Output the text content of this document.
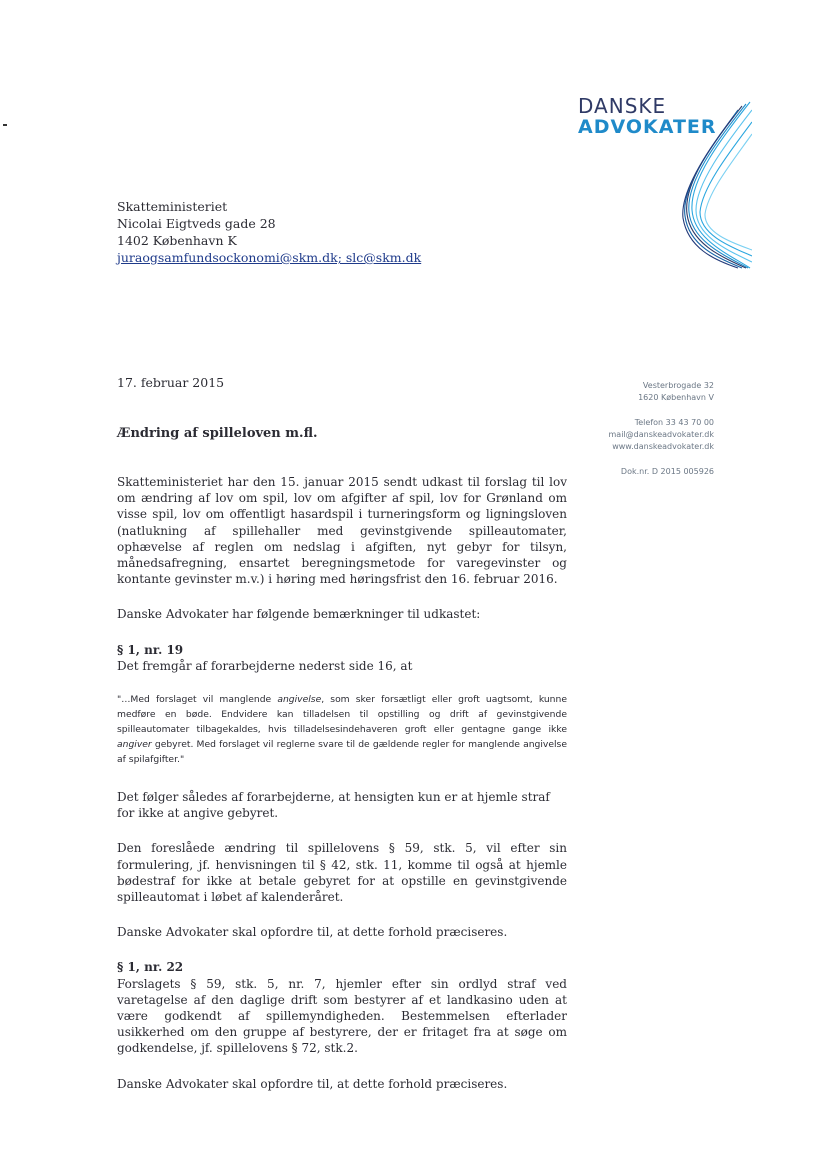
DANSKE
ADVOKATER
Skatteministeriet
Nicolai Eigtveds gade 28
1402 København K
juraogsamfundsockonomi@skm.dk; slc@skm.dk
Vesterbrogade 32
1620 København V
Telefon 33 43 70 00
mail@danskeadvokater.dk
www.danskeadvokater.dk
Dok.nr. D 2015 005926
17. februar 2015
Ændring af spilleloven m.fl.

Skatteministeriet har den 15. januar 2015 sendt udkast til forslag til lov om ændring af lov om spil, lov om afgifter af spil, lov for Grønland om visse spil, lov om offentligt hasardspil i turneringsform og ligningsloven (natlukning af spillehaller med gevinstgivende spilleautomater, ophævelse af reglen om nedslag i afgiften, nyt gebyr for tilsyn, månedsafregning, ensartet beregningsmetode for varegevinster og kontante gevinster m.v.) i høring med høringsfrist den 16. februar 2016.

Danske Advokater har følgende bemærkninger til udkastet:

§ 1, nr. 19

Det fremgår af forarbejderne nederst side 16, at

"…Med forslaget vil manglende angivelse, som sker forsætligt eller groft uagtsomt, kunne medføre en bøde. Endvidere kan tilladelsen til opstilling og drift af gevinstgivende spilleautomater tilbagekaldes, hvis tilladelsesindehaveren groft eller gentagne gange ikke angiver gebyret. Med forslaget vil reglerne svare til de gældende regler for manglende angivelse af spilafgifter."

Det følger således af forarbejderne, at hensigten kun er at hjemle straf for ikke at angive gebyret.

Den foreslåede ændring til spillelovens § 59, stk. 5, vil efter sin formulering, jf. henvisningen til § 42, stk. 11, komme til også at hjemle bødestraf for ikke at betale gebyret for at opstille en gevinstgivende spilleautomat i løbet af kalenderåret.

Danske Advokater skal opfordre til, at dette forhold præciseres.

§ 1, nr. 22

Forslagets § 59, stk. 5, nr. 7, hjemler efter sin ordlyd straf ved varetagelse af den daglige drift som bestyrer af et landkasino uden at være godkendt af spillemyndigheden. Bestemmelsen efterlader usikkerhed om den gruppe af bestyrere, der er fritaget fra at søge om godkendelse, jf. spillelovens § 72, stk.2.

Danske Advokater skal opfordre til, at dette forhold præciseres.
